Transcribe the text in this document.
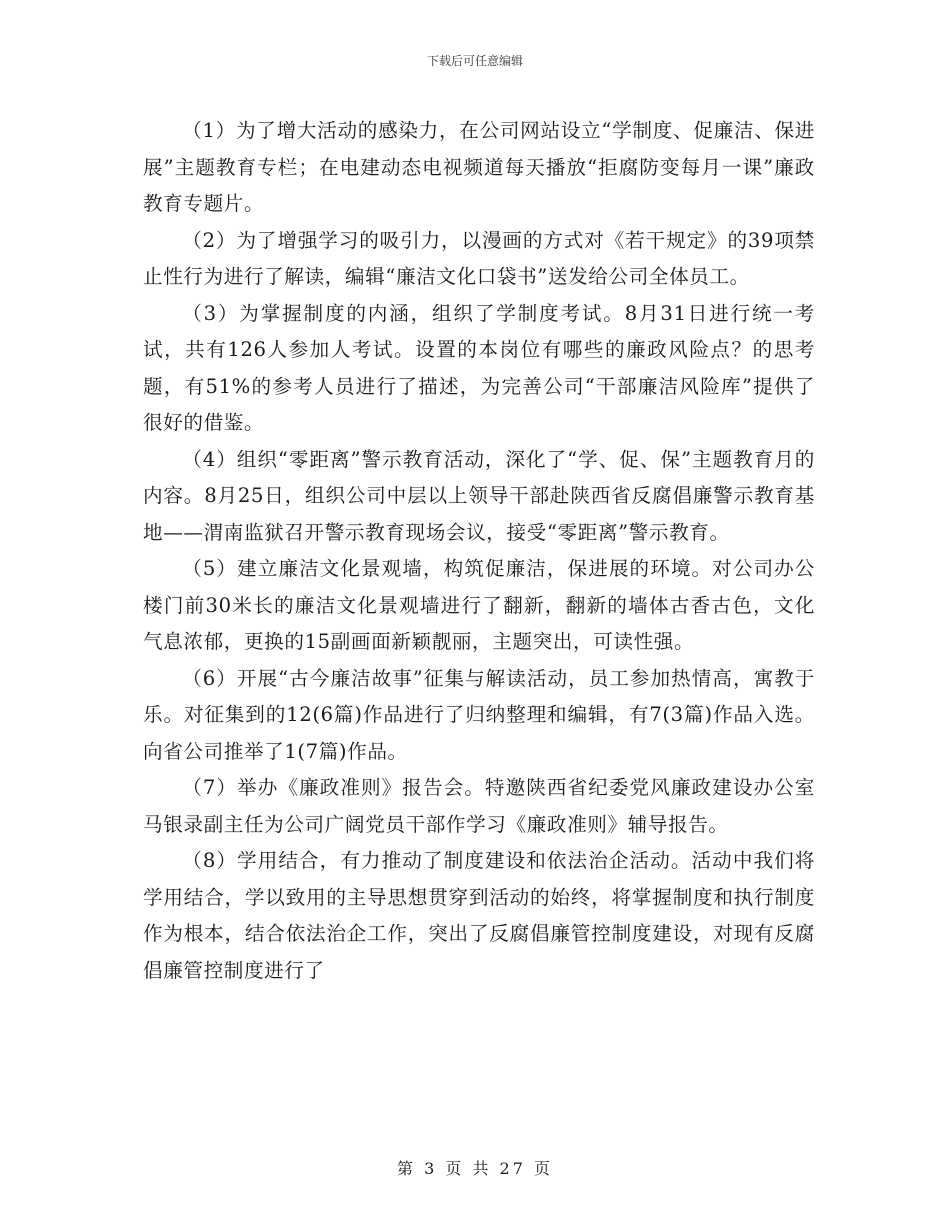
下载后可任意编辑

（1）为了增大活动的感染力，在公司网站设立“学制度、促廉洁、保进展”主题教育专栏；在电建动态电视频道每天播放“拒腐防变每月一课”廉政教育专题片。

（2）为了增强学习的吸引力，以漫画的方式对《若干规定》的39项禁止性行为进行了解读，编辑“廉洁文化口袋书”送发给公司全体员工。

（3）为掌握制度的内涵，组织了学制度考试。8月31日进行统一考试，共有126人参加人考试。设置的本岗位有哪些的廉政风险点？的思考题，有51%的参考人员进行了描述，为完善公司“干部廉洁风险库”提供了很好的借鉴。

（4）组织“零距离”警示教育活动，深化了“学、促、保”主题教育月的内容。8月25日，组织公司中层以上领导干部赴陕西省反腐倡廉警示教育基地——渭南监狱召开警示教育现场会议，接受“零距离”警示教育。

（5）建立廉洁文化景观墙，构筑促廉洁，保进展的环境。对公司办公楼门前30米长的廉洁文化景观墙进行了翻新，翻新的墙体古香古色，文化气息浓郁，更换的15副画面新颖靓丽，主题突出，可读性强。

（6）开展“古今廉洁故事”征集与解读活动，员工参加热情高，寓教于乐。对征集到的12(6篇)作品进行了归纳整理和编辑，有7(3篇)作品入选。向省公司推举了1(7篇)作品。

（7）举办《廉政准则》报告会。特邀陕西省纪委党风廉政建设办公室马银录副主任为公司广阔党员干部作学习《廉政准则》辅导报告。

（8）学用结合，有力推动了制度建设和依法治企活动。活动中我们将学用结合，学以致用的主导思想贯穿到活动的始终，将掌握制度和执行制度作为根本，结合依法治企工作，突出了反腐倡廉管控制度建设，对现有反腐倡廉管控制度进行了

第 3 页 共 27 页
